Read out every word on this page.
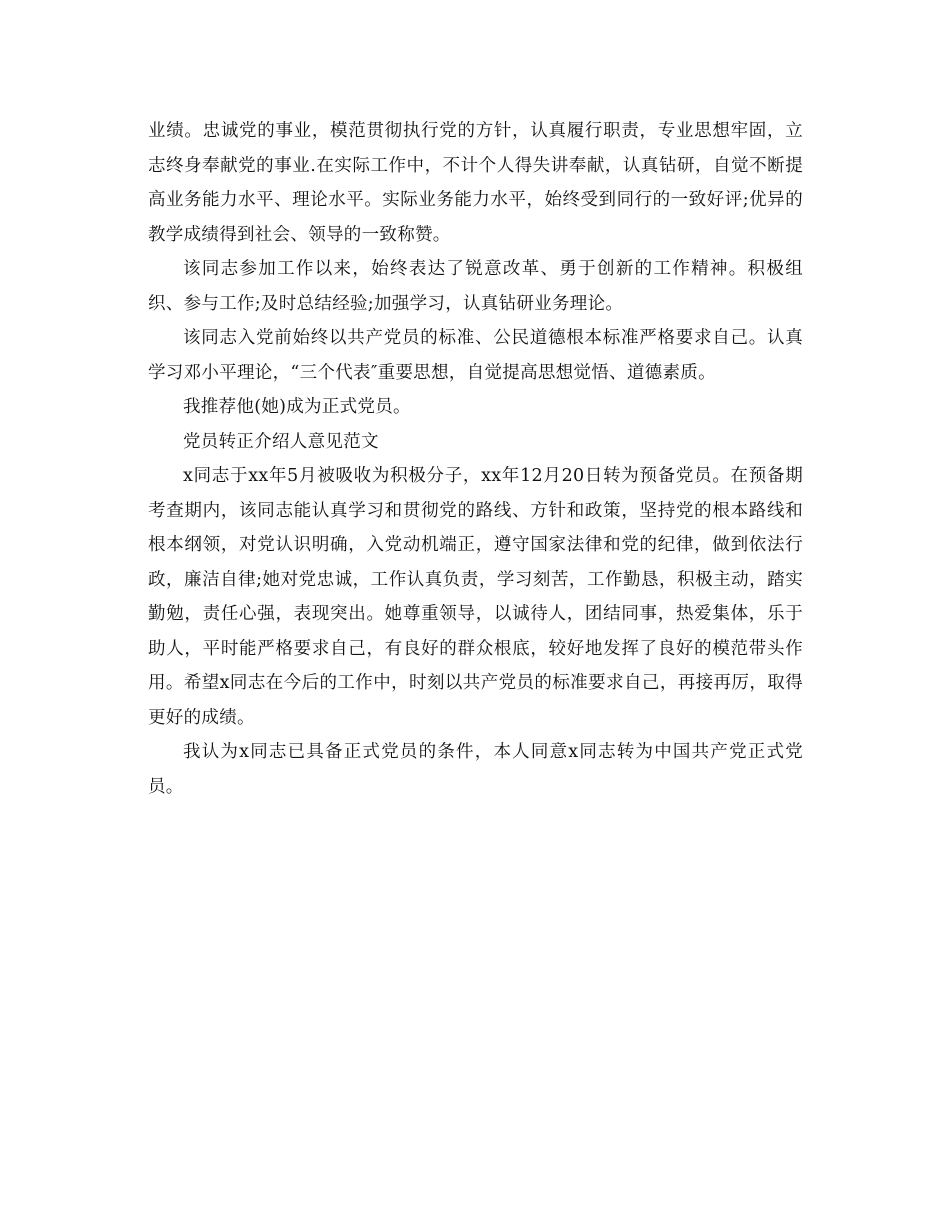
业绩。忠诚党的事业，模范贯彻执行党的方针，认真履行职责，专业思想牢固，立志终身奉献党的事业.在实际工作中，不计个人得失讲奉献，认真钻研，自觉不断提高业务能力水平、理论水平。实际业务能力水平，始终受到同行的一致好评;优异的教学成绩得到社会、领导的一致称赞。

该同志参加工作以来，始终表达了锐意改革、勇于创新的工作精神。积极组织、参与工作;及时总结经验;加强学习，认真钻研业务理论。

该同志入党前始终以共产党员的标准、公民道德根本标准严格要求自己。认真学习邓小平理论，“三个代表″重要思想，自觉提高思想觉悟、道德素质。

我推荐他(她)成为正式党员。

党员转正介绍人意见范文

x同志于xx年5月被吸收为积极分子，xx年12月20日转为预备党员。在预备期考查期内，该同志能认真学习和贯彻党的路线、方针和政策，坚持党的根本路线和根本纲领，对党认识明确，入党动机端正，遵守国家法律和党的纪律，做到依法行政，廉洁自律;她对党忠诚，工作认真负责，学习刻苦，工作勤恳，积极主动，踏实勤勉，责任心强，表现突出。她尊重领导，以诚待人，团结同事，热爱集体，乐于助人，平时能严格要求自己，有良好的群众根底，较好地发挥了良好的模范带头作用。希望x同志在今后的工作中，时刻以共产党员的标准要求自己，再接再厉，取得更好的成绩。

我认为x同志已具备正式党员的条件，本人同意x同志转为中国共产党正式党员。
